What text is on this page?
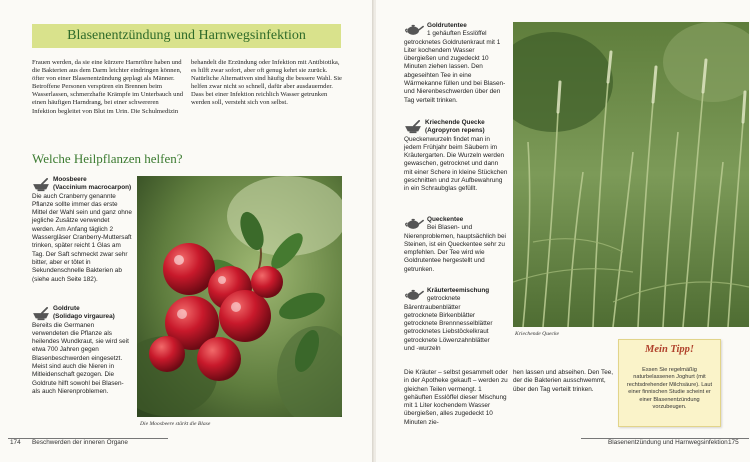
Blasenentzündung und Harnwegsinfektion

Frauen werden, da sie eine kürzere Harnröhre haben und die Bakterien aus dem Darm leichter eindringen können, öfter von einer Blasenentzündung geplagt als Männer. Betroffene Personen verspüren ein Brennen beim Wasserlassen, schmerzhafte Krämpfe im Unterbauch und einen häufigen Harndrang, bei einer schwereren Infektion begleitet von Blut im Urin. Die Schulmedizin

behandelt die Erzündung oder Infektion mit Antibiotika, es hilft zwar sofort, aber oft genug kehrt sie zurück. Natürliche Alternativen sind häufig die bessere Wahl. Sie helfen zwar nicht so schnell, dafür aber ausdauernder. Dass bei einer Infektion reichlich Wasser getrunken werden soll, versteht sich von selbst.

Welche Heilpflanzen helfen?
Moosbeere
(Vaccinium macrocarpon)
Die auch Cranberry genannte Pflanze sollte immer das erste Mittel der Wahl sein und ganz ohne jegliche Zusätze verwendet werden. Am Anfang täglich 2 Wassergläser Cranberry-Muttersaft trinken, später reicht 1 Glas am Tag. Der Saft schmeckt zwar sehr bitter, aber er tötet in Sekundenschnelle Bakterien ab (siehe auch Seite 182).
Goldrute
(Solidago virgaurea)
Bereits die Germanen verwendeten die Pflanze als heilendes Wundkraut, sie wird seit etwa 700 Jahren gegen Blasenbeschwerden eingesetzt. Meist sind auch die Nieren in Mitleidenschaft gezogen. Die Goldrute hilft sowohl bei Blasen- als auch Nierenproblemen.
Die Moosbeere stärkt die Blase
174 Beschwerden der inneren Organe
Goldrutentee
1 gehäuften Esslöffel getrocknetes Goldrutenkraut mit 1 Liter kochendem Wasser übergießen und zugedeckt 10 Minuten ziehen lassen. Den abgeseihten Tee in eine Wärmekanne füllen und bei Blasen- und Nierenbeschwerden über den Tag verteilt trinken.
Kriechende Quecke
(Agropyron repens)
Queckenwurzeln findet man in jedem Frühjahr beim Säubern im Kräutergarten. Die Wurzeln werden gewaschen, getrocknet und dann mit einer Schere in kleine Stückchen geschnitten und zur Aufbewahrung in ein Schraubglas gefüllt.
Queckentee
Bei Blasen- und Nierenproblemen, hauptsächlich bei Steinen, ist ein Queckentee sehr zu empfehlen. Der Tee wird wie Goldrutentee hergestellt und getrunken.
Kräuterteemischung
getrocknete Bärentraubenblätter
getrocknete Birkenblätter
getrocknete Brennnesselblätter
getrocknetes Liebstöckelkraut
getrocknete Löwenzahnblätter
und -wurzeln
Die Kräuter – selbst gesammelt oder in der Apotheke gekauft – werden zu gleichen Teilen vermengt. 1 gehäuften Esslöffel dieser Mischung mit 1 Liter kochendem Wasser übergießen, alles zugedeckt 10 Minuten zie-
hen lassen und abseihen. Den Tee, der die Bakterien ausschwemmt, über den Tag verteilt trinken.
Kriechende Quecke
Mein Tipp!
Essen Sie regelmäßig naturbelassenen Joghurt (mit rechtsdrehender Milchsäure). Laut einer finnischen Studie scheint er einer Blasenentzündung vorzubeugen.
Blasenentzündung und Harnwegsinfektion 175
